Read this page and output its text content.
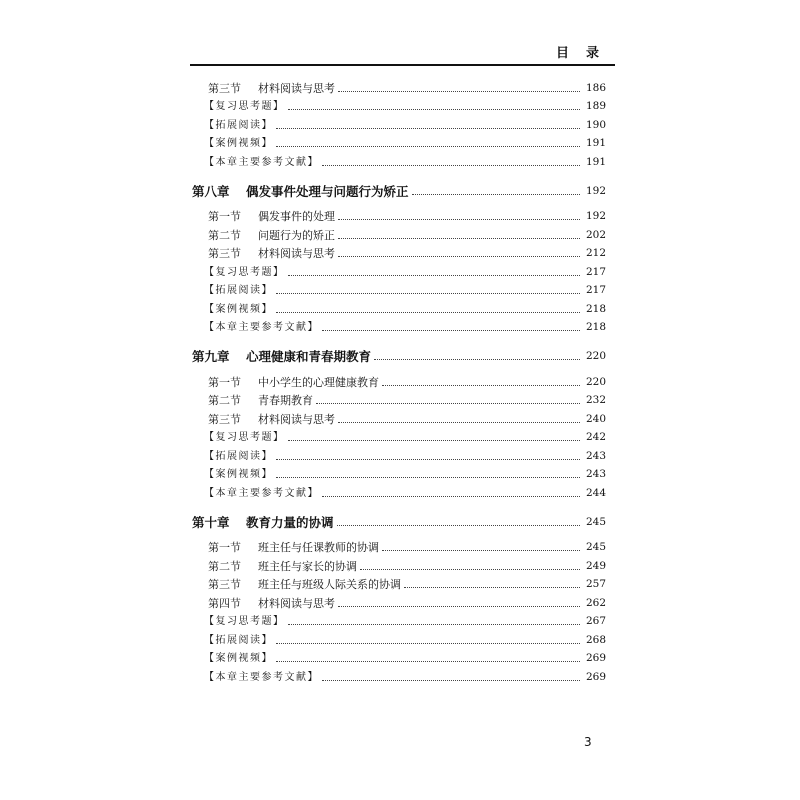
目　录
第三节	材料阅读与思考	186
【复习思考题】	189
【拓展阅读】	190
【案例视频】	191
【本章主要参考文献】	191
第八章	偶发事件处理与问题行为矫正	192
第一节	偶发事件的处理	192
第二节	问题行为的矫正	202
第三节	材料阅读与思考	212
【复习思考题】	217
【拓展阅读】	217
【案例视频】	218
【本章主要参考文献】	218
第九章	心理健康和青春期教育	220
第一节	中小学生的心理健康教育	220
第二节	青春期教育	232
第三节	材料阅读与思考	240
【复习思考题】	242
【拓展阅读】	243
【案例视频】	243
【本章主要参考文献】	244
第十章	教育力量的协调	245
第一节	班主任与任课教师的协调	245
第二节	班主任与家长的协调	249
第三节	班主任与班级人际关系的协调	257
第四节	材料阅读与思考	262
【复习思考题】	267
【拓展阅读】	268
【案例视频】	269
【本章主要参考文献】	269
3
